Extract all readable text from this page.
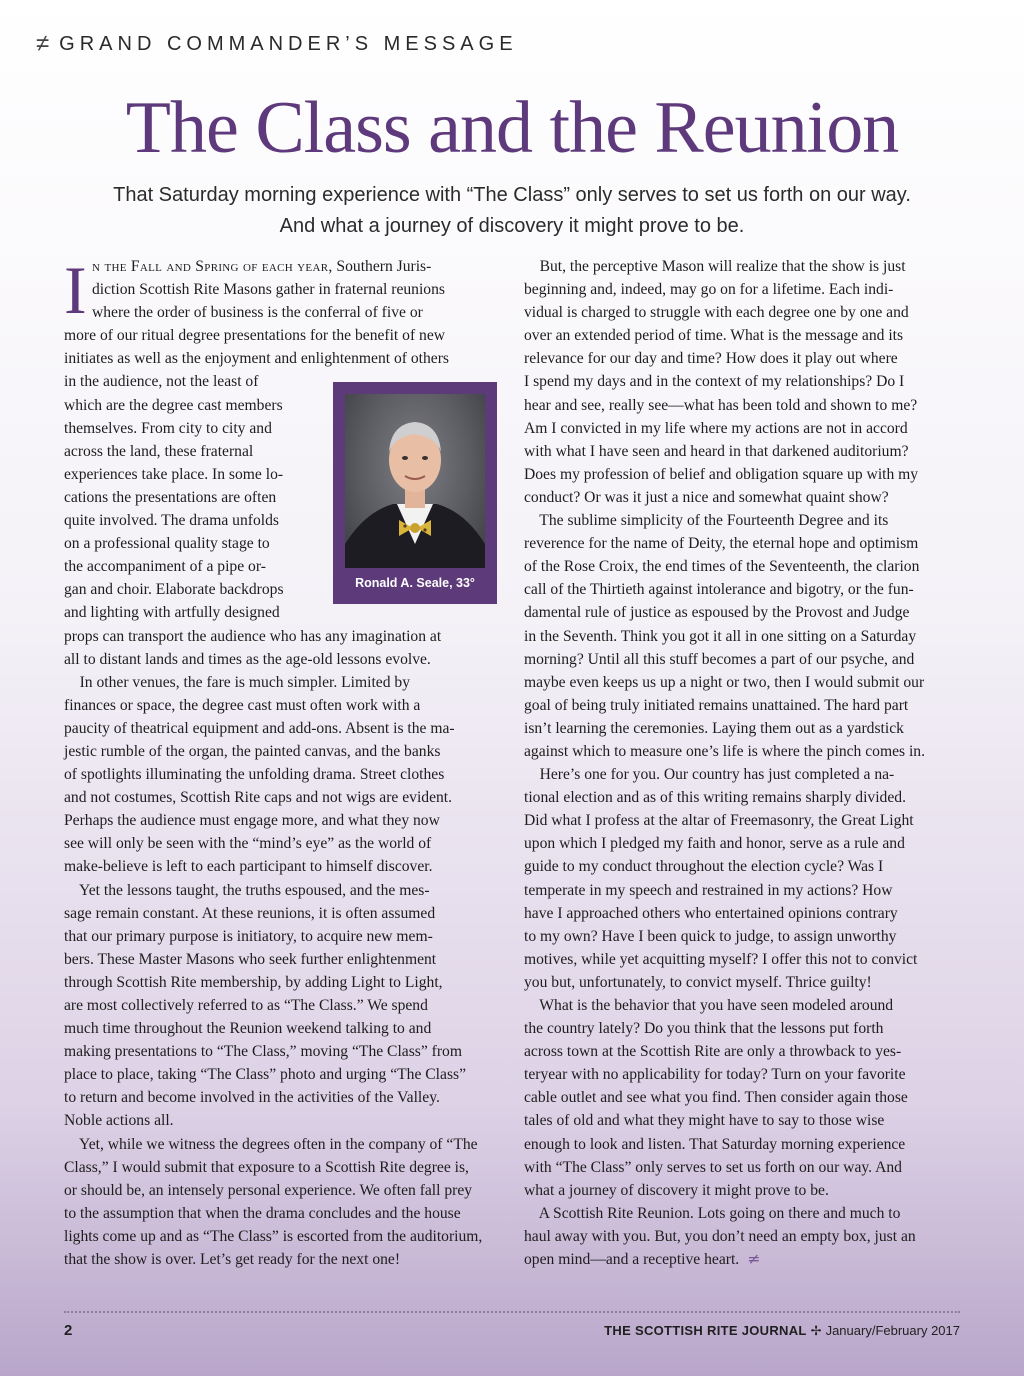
≠ GRAND COMMANDER’S MESSAGE
The Class and the Reunion
That Saturday morning experience with “The Class” only serves to set us forth on our way.
And what a journey of discovery it might prove to be.
I n the Fall and Spring of each year, Southern Juris-

diction Scottish Rite Masons gather in fraternal reunions

where the order of business is the conferral of five or

more of our ritual degree presentations for the benefit of new

initiates as well as the enjoyment and enlightenment of others

in the audience, not the least of

which are the degree cast members

themselves. From city to city and

across the land, these fraternal

experiences take place. In some lo-

cations the presentations are often

quite involved. The drama unfolds

on a professional quality stage to

the accompaniment of a pipe or-

gan and choir. Elaborate backdrops

and lighting with artfully designed

props can transport the audience who has any imagination at

all to distant lands and times as the age-old lessons evolve.

In other venues, the fare is much simpler. Limited by

finances or space, the degree cast must often work with a

paucity of theatrical equipment and add-ons. Absent is the ma-

jestic rumble of the organ, the painted canvas, and the banks

of spotlights illuminating the unfolding drama. Street clothes

and not costumes, Scottish Rite caps and not wigs are evident.

Perhaps the audience must engage more, and what they now

see will only be seen with the “mind’s eye” as the world of

make-believe is left to each participant to himself discover.

Yet the lessons taught, the truths espoused, and the mes-

sage remain constant. At these reunions, it is often assumed

that our primary purpose is initiatory, to acquire new mem-

bers. These Master Masons who seek further enlightenment

through Scottish Rite membership, by adding Light to Light,

are most collectively referred to as “The Class.” We spend

much time throughout the Reunion weekend talking to and

making presentations to “The Class,” moving “The Class” from

place to place, taking “The Class” photo and urging “The Class”

to return and become involved in the activities of the Valley.

Noble actions all.

Yet, while we witness the degrees often in the company of “The

Class,” I would submit that exposure to a Scottish Rite degree is,

or should be, an intensely personal experience. We often fall prey

to the assumption that when the drama concludes and the house

lights come up and as “The Class” is escorted from the auditorium,

that the show is over. Let’s get ready for the next one!

But, the perceptive Mason will realize that the show is just

beginning and, indeed, may go on for a lifetime. Each indi-

vidual is charged to struggle with each degree one by one and

over an extended period of time. What is the message and its

relevance for our day and time? How does it play out where

I spend my days and in the context of my relationships? Do I

hear and see, really see—what has been told and shown to me?

Am I convicted in my life where my actions are not in accord

with what I have seen and heard in that darkened auditorium?

Does my profession of belief and obligation square up with my

conduct? Or was it just a nice and somewhat quaint show?

The sublime simplicity of the Fourteenth Degree and its

reverence for the name of Deity, the eternal hope and optimism

of the Rose Croix, the end times of the Seventeenth, the clarion

call of the Thirtieth against intolerance and bigotry, or the fun-

damental rule of justice as espoused by the Provost and Judge

in the Seventh. Think you got it all in one sitting on a Saturday

morning? Until all this stuff becomes a part of our psyche, and

maybe even keeps us up a night or two, then I would submit our

goal of being truly initiated remains unattained. The hard part

isn’t learning the ceremonies. Laying them out as a yardstick

against which to measure one’s life is where the pinch comes in.

Here’s one for you. Our country has just completed a na-

tional election and as of this writing remains sharply divided.

Did what I profess at the altar of Freemasonry, the Great Light

upon which I pledged my faith and honor, serve as a rule and

guide to my conduct throughout the election cycle? Was I

temperate in my speech and restrained in my actions? How

have I approached others who entertained opinions contrary

to my own? Have I been quick to judge, to assign unworthy

motives, while yet acquitting myself? I offer this not to convict

you but, unfortunately, to convict myself. Thrice guilty!

What is the behavior that you have seen modeled around

the country lately? Do you think that the lessons put forth

across town at the Scottish Rite are only a throwback to yes-

teryear with no applicability for today? Turn on your favorite

cable outlet and see what you find. Then consider again those

tales of old and what they might have to say to those wise

enough to look and listen. That Saturday morning experience

with “The Class” only serves to set us forth on our way. And

what a journey of discovery it might prove to be.

A Scottish Rite Reunion. Lots going on there and much to

haul away with you. But, you don’t need an empty box, just an

open mind—and a receptive heart. ≠
Ronald A. Seale, 33°
2	THE SCOTTISH RITE JOURNAL ✢ January/February 2017
